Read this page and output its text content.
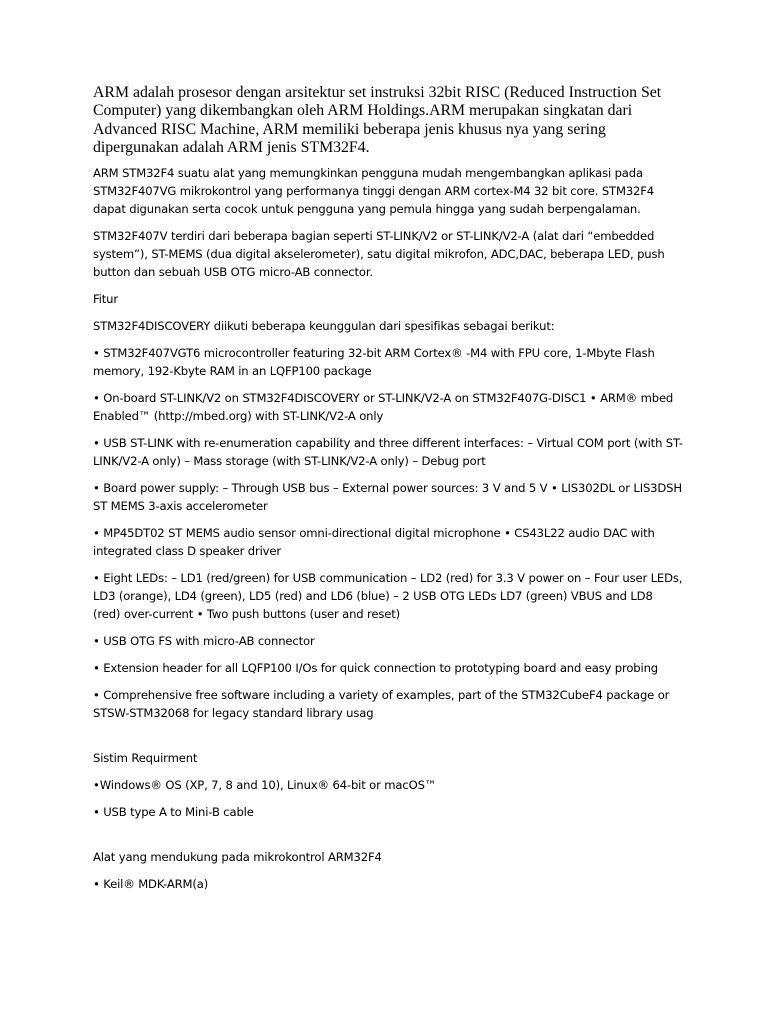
ARM adalah prosesor dengan arsitektur set instruksi 32bit RISC (Reduced Instruction Set Computer) yang dikembangkan oleh ARM Holdings.ARM merupakan singkatan dari Advanced RISC Machine, ARM memiliki beberapa jenis khusus nya yang sering dipergunakan adalah ARM jenis STM32F4.

ARM STM32F4 suatu alat yang memungkinkan pengguna mudah mengembangkan aplikasi pada STM32F407VG mikrokontrol yang performanya tinggi dengan ARM cortex-M4 32 bit core. STM32F4 dapat digunakan serta cocok untuk pengguna yang pemula hingga yang sudah berpengalaman.

STM32F407V terdiri dari beberapa bagian seperti ST-LINK/V2 or ST-LINK/V2-A (alat dari “embedded system”), ST-MEMS (dua digital akselerometer), satu digital mikrofon, ADC,DAC, beberapa LED, push button dan sebuah USB OTG micro-AB connector.

Fitur

STM32F4DISCOVERY diikuti beberapa keunggulan dari spesifikas sebagai berikut:

• STM32F407VGT6 microcontroller featuring 32-bit ARM Cortex® -M4 with FPU core, 1-Mbyte Flash memory, 192-Kbyte RAM in an LQFP100 package

• On-board ST-LINK/V2 on STM32F4DISCOVERY or ST-LINK/V2-A on STM32F407G-DISC1 • ARM® mbed Enabled™ (http://mbed.org) with ST-LINK/V2-A only

• USB ST-LINK with re-enumeration capability and three different interfaces: – Virtual COM port (with ST-LINK/V2-A only) – Mass storage (with ST-LINK/V2-A only) – Debug port

• Board power supply: – Through USB bus – External power sources: 3 V and 5 V • LIS302DL or LIS3DSH ST MEMS 3-axis accelerometer

• MP45DT02 ST MEMS audio sensor omni-directional digital microphone • CS43L22 audio DAC with integrated class D speaker driver

• Eight LEDs: – LD1 (red/green) for USB communication – LD2 (red) for 3.3 V power on – Four user LEDs, LD3 (orange), LD4 (green), LD5 (red) and LD6 (blue) – 2 USB OTG LEDs LD7 (green) VBUS and LD8 (red) over-current • Two push buttons (user and reset)

• USB OTG FS with micro-AB connector

• Extension header for all LQFP100 I/Os for quick connection to prototyping board and easy probing

• Comprehensive free software including a variety of examples, part of the STM32CubeF4 package or STSW-STM32068 for legacy standard library usag

Sistim Requirment

•Windows® OS (XP, 7, 8 and 10), Linux® 64-bit or macOS™

• USB type A to Mini-B cable

Alat yang mendukung pada mikrokontrol ARM32F4

• Keil® MDK-ARM(a)
